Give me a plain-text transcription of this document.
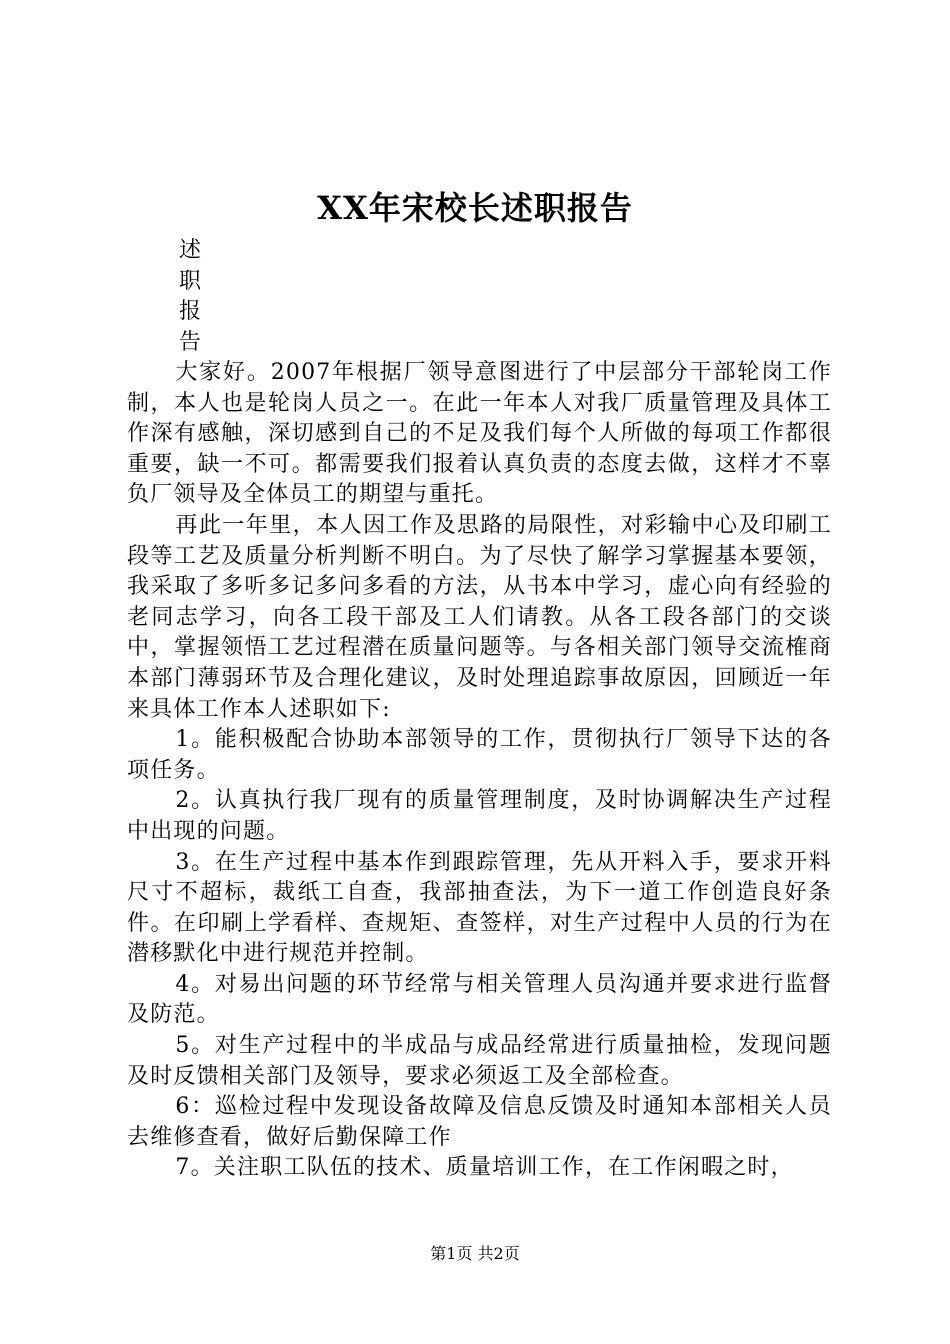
XX年宋校长述职报告
述
职
报
告

大家好。2007年根据厂领导意图进行了中层部分干部轮岗工作制，本人也是轮岗人员之一。在此一年本人对我厂质量管理及具体工作深有感触，深切感到自己的不足及我们每个人所做的每项工作都很重要，缺一不可。都需要我们报着认真负责的态度去做，这样才不辜负厂领导及全体员工的期望与重托。

再此一年里，本人因工作及思路的局限性，对彩输中心及印刷工段等工艺及质量分析判断不明白。为了尽快了解学习掌握基本要领，我采取了多听多记多问多看的方法，从书本中学习，虚心向有经验的老同志学习，向各工段干部及工人们请教。从各工段各部门的交谈中，掌握领悟工艺过程潜在质量问题等。与各相关部门领导交流榷商本部门薄弱环节及合理化建议，及时处理追踪事故原因，回顾近一年来具体工作本人述职如下:

1。能积极配合协助本部领导的工作，贯彻执行厂领导下达的各项任务。

2。认真执行我厂现有的质量管理制度，及时协调解决生产过程中出现的问题。

3。在生产过程中基本作到跟踪管理，先从开料入手，要求开料尺寸不超标，裁纸工自查，我部抽查法，为下一道工作创造良好条件。在印刷上学看样、查规矩、查签样，对生产过程中人员的行为在潜移默化中进行规范并控制。

4。对易出问题的环节经常与相关管理人员沟通并要求进行监督及防范。

5。对生产过程中的半成品与成品经常进行质量抽检，发现问题及时反馈相关部门及领导，要求必须返工及全部检查。

6：巡检过程中发现设备故障及信息反馈及时通知本部相关人员去维修查看，做好后勤保障工作

7。关注职工队伍的技术、质量培训工作，在工作闲暇之时，

第1页 共2页
